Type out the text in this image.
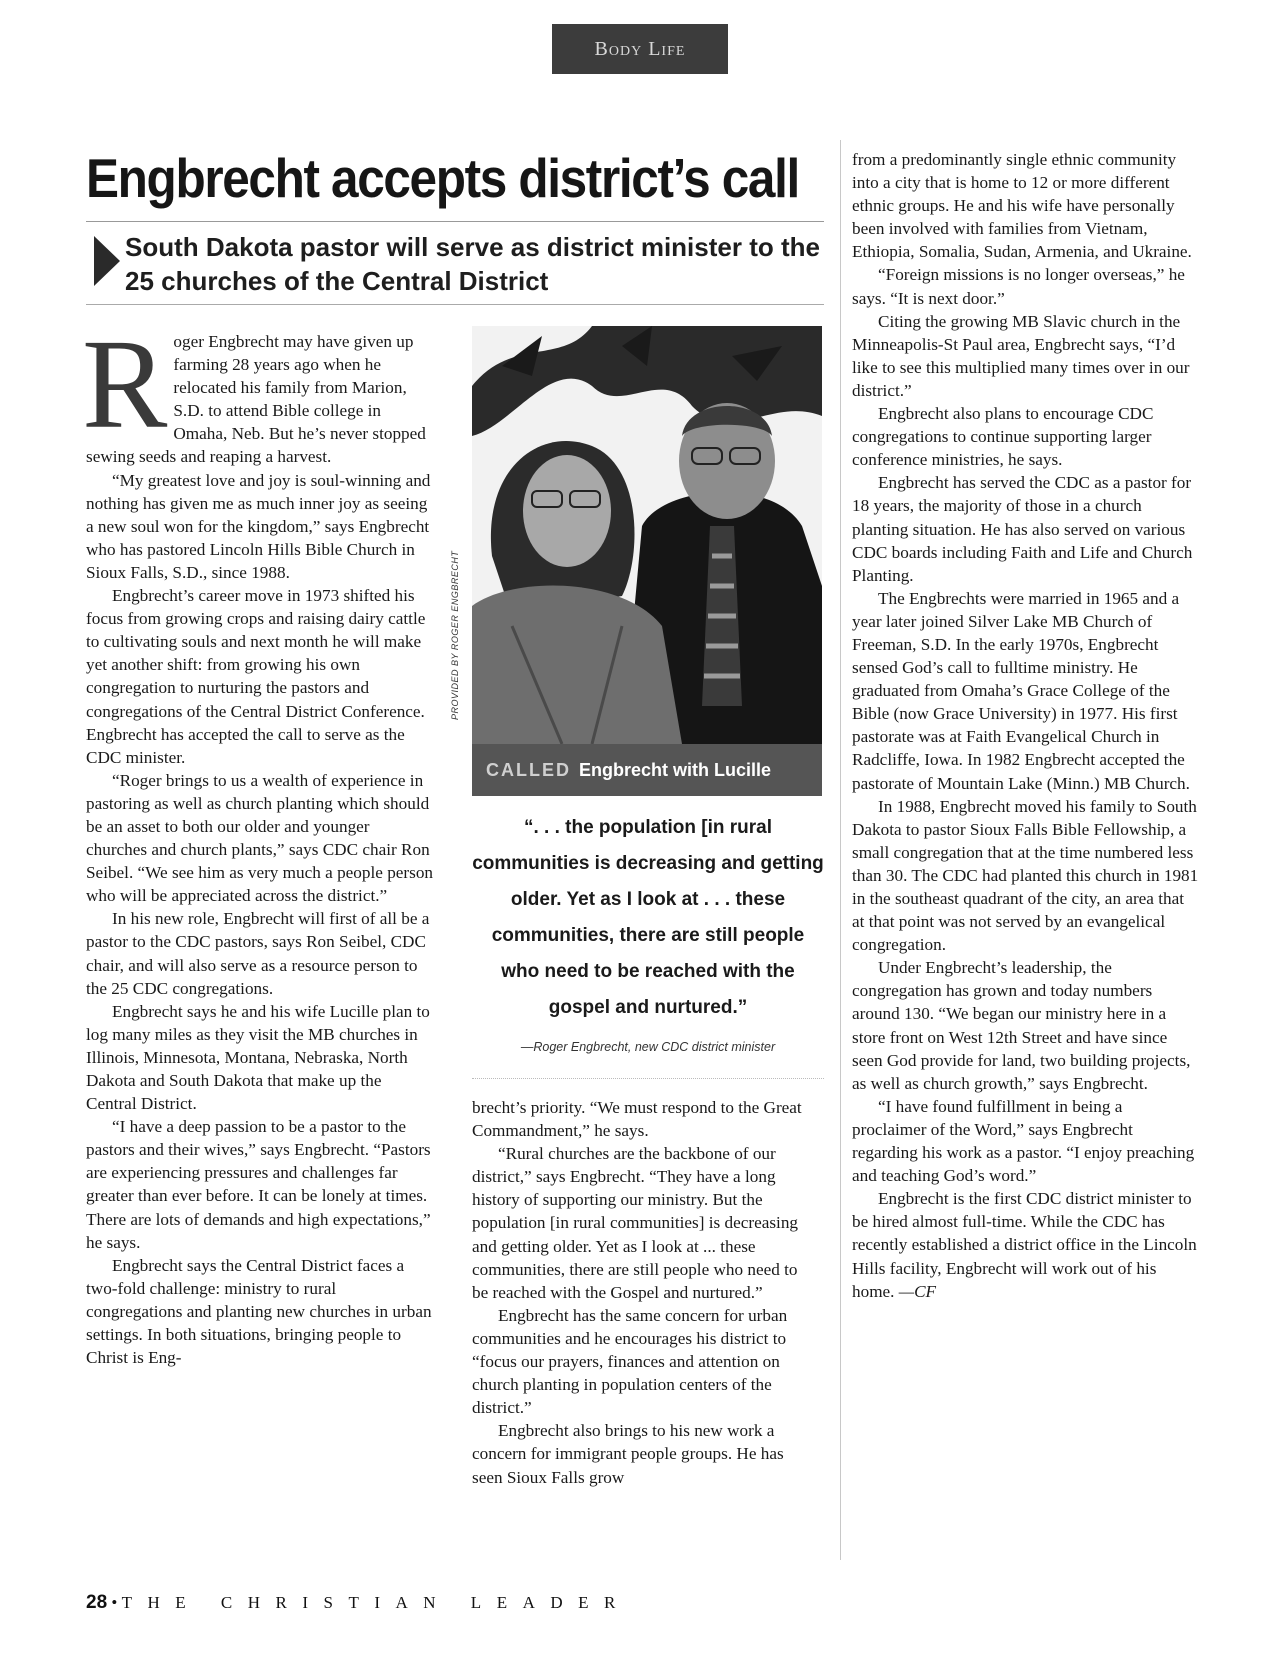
Body Life
Engbrecht accepts district’s call
South Dakota pastor will serve as district minister to the 25 churches of the Central District

Roger Engbrecht may have given up farming 28 years ago when he relocated his family from Marion, S.D. to attend Bible college in Omaha, Neb. But he’s never stopped sewing seeds and reaping a harvest.

“My greatest love and joy is soul-winning and nothing has given me as much inner joy as seeing a new soul won for the kingdom,” says Engbrecht who has pastored Lincoln Hills Bible Church in Sioux Falls, S.D., since 1988.

Engbrecht’s career move in 1973 shifted his focus from growing crops and raising dairy cattle to cultivating souls and next month he will make yet another shift: from growing his own congregation to nurturing the pastors and congregations of the Central District Conference. Engbrecht has accepted the call to serve as the CDC minister.

“Roger brings to us a wealth of experience in pastoring as well as church planting which should be an asset to both our older and younger churches and church plants,” says CDC chair Ron Seibel. “We see him as very much a people person who will be appreciated across the district.”

In his new role, Engbrecht will first of all be a pastor to the CDC pastors, says Ron Seibel, CDC chair, and will also serve as a resource person to the 25 CDC congregations.

Engbrecht says he and his wife Lucille plan to log many miles as they visit the MB churches in Illinois, Minnesota, Montana, Nebraska, North Dakota and South Dakota that make up the Central District.

“I have a deep passion to be a pastor to the pastors and their wives,” says Engbrecht. “Pastors are experiencing pressures and challenges far greater than ever before. It can be lonely at times. There are lots of demands and high expectations,” he says.

Engbrecht says the Central District faces a two-fold challenge: ministry to rural congregations and planting new churches in urban settings. In both situations, bringing people to Christ is Eng-

CALLED Engbrecht with Lucille
PROVIDED BY ROGER ENGBRECHT

“. . . the population [in rural communities is decreasing and getting older. Yet as I look at . . . these communities, there are still people who need to be reached with the gospel and nurtured.”

—Roger Engbrecht, new CDC district minister

brecht’s priority. “We must respond to the Great Commandment,” he says.

“Rural churches are the backbone of our district,” says Engbrecht. “They have a long history of supporting our ministry. But the population [in rural communities] is decreasing and getting older. Yet as I look at ... these communities, there are still people who need to be reached with the Gospel and nurtured.”

Engbrecht has the same concern for urban communities and he encourages his district to “focus our prayers, finances and attention on church planting in population centers of the district.”

Engbrecht also brings to his new work a concern for immigrant people groups. He has seen Sioux Falls grow

from a predominantly single ethnic community into a city that is home to 12 or more different ethnic groups. He and his wife have personally been involved with families from Vietnam, Ethiopia, Somalia, Sudan, Armenia, and Ukraine.

“Foreign missions is no longer overseas,” he says. “It is next door.”

Citing the growing MB Slavic church in the Minneapolis-St Paul area, Engbrecht says, “I’d like to see this multiplied many times over in our district.”

Engbrecht also plans to encourage CDC congregations to continue supporting larger conference ministries, he says.

Engbrecht has served the CDC as a pastor for 18 years, the majority of those in a church planting situation. He has also served on various CDC boards including Faith and Life and Church Planting.

The Engbrechts were married in 1965 and a year later joined Silver Lake MB Church of Freeman, S.D. In the early 1970s, Engbrecht sensed God’s call to fulltime ministry. He graduated from Omaha’s Grace College of the Bible (now Grace University) in 1977. His first pastorate was at Faith Evangelical Church in Radcliffe, Iowa. In 1982 Engbrecht accepted the pastorate of Mountain Lake (Minn.) MB Church.

In 1988, Engbrecht moved his family to South Dakota to pastor Sioux Falls Bible Fellowship, a small congregation that at the time numbered less than 30. The CDC had planted this church in 1981 in the southeast quadrant of the city, an area that at that point was not served by an evangelical congregation.

Under Engbrecht’s leadership, the congregation has grown and today numbers around 130. “We began our ministry here in a store front on West 12th Street and have since seen God provide for land, two building projects, as well as church growth,” says Engbrecht.

“I have found fulfillment in being a proclaimer of the Word,” says Engbrecht regarding his work as a pastor. “I enjoy preaching and teaching God’s word.”

Engbrecht is the first CDC district minister to be hired almost full-time. While the CDC has recently established a district office in the Lincoln Hills facility, Engbrecht will work out of his home. —CF

28 • THE CHRISTIAN LEADER
